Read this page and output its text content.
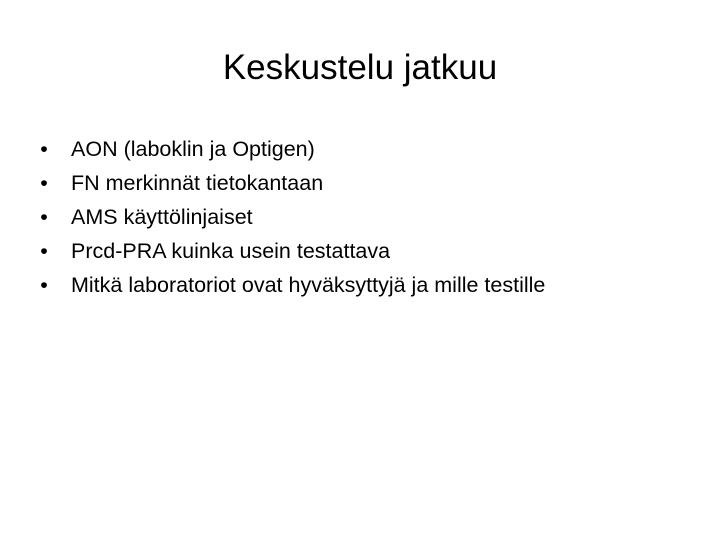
Keskustelu jatkuu
• AON (laboklin ja Optigen)
• FN merkinnät tietokantaan
• AMS käyttölinjaiset
• Prcd-PRA kuinka usein testattava
• Mitkä laboratoriot ovat hyväksyttyjä ja mille testille
